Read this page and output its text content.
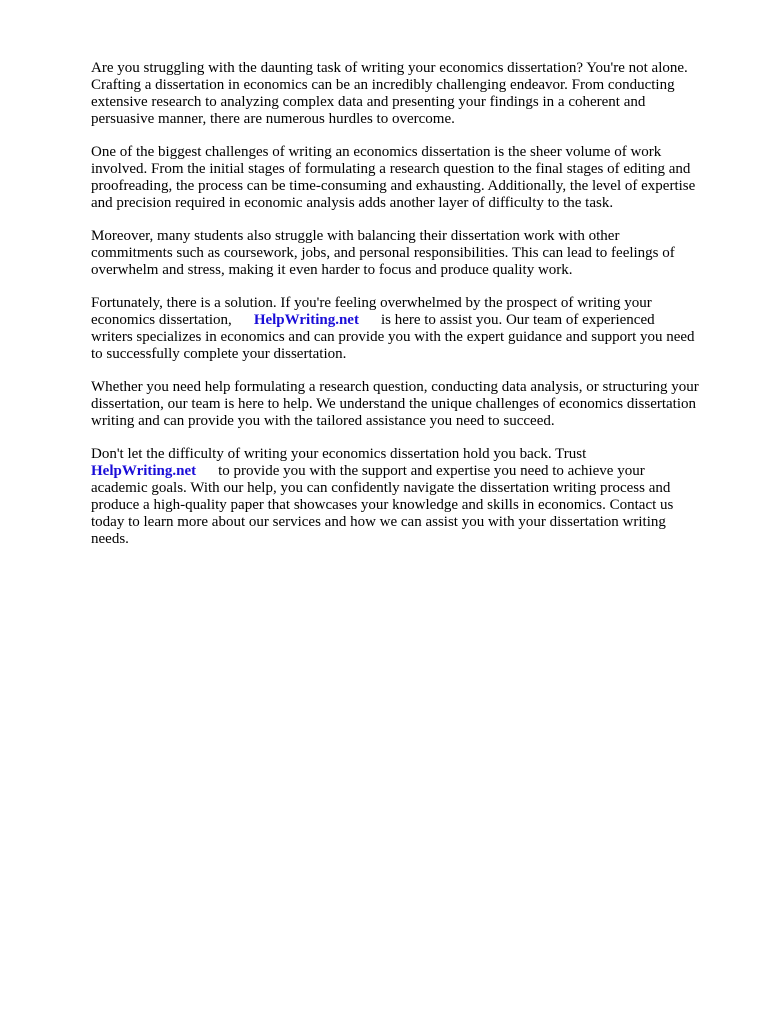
Are you struggling with the daunting task of writing your economics dissertation? You're not alone.
Crafting a dissertation in economics can be an incredibly challenging endeavor. From conducting
extensive research to analyzing complex data and presenting your findings in a coherent and
persuasive manner, there are numerous hurdles to overcome.

One of the biggest challenges of writing an economics dissertation is the sheer volume of work
involved. From the initial stages of formulating a research question to the final stages of editing and
proofreading, the process can be time-consuming and exhausting. Additionally, the level of expertise
and precision required in economic analysis adds another layer of difficulty to the task.

Moreover, many students also struggle with balancing their dissertation work with other
commitments such as coursework, jobs, and personal responsibilities. This can lead to feelings of
overwhelm and stress, making it even harder to focus and produce quality work.

Fortunately, there is a solution. If you're feeling overwhelmed by the prospect of writing your
economics dissertation, HelpWriting.net is here to assist you. Our team of experienced
writers specializes in economics and can provide you with the expert guidance and support you need
to successfully complete your dissertation.

Whether you need help formulating a research question, conducting data analysis, or structuring your
dissertation, our team is here to help. We understand the unique challenges of economics dissertation
writing and can provide you with the tailored assistance you need to succeed.

Don't let the difficulty of writing your economics dissertation hold you back. Trust
HelpWriting.net to provide you with the support and expertise you need to achieve your
academic goals. With our help, you can confidently navigate the dissertation writing process and
produce a high-quality paper that showcases your knowledge and skills in economics. Contact us
today to learn more about our services and how we can assist you with your dissertation writing
needs.
